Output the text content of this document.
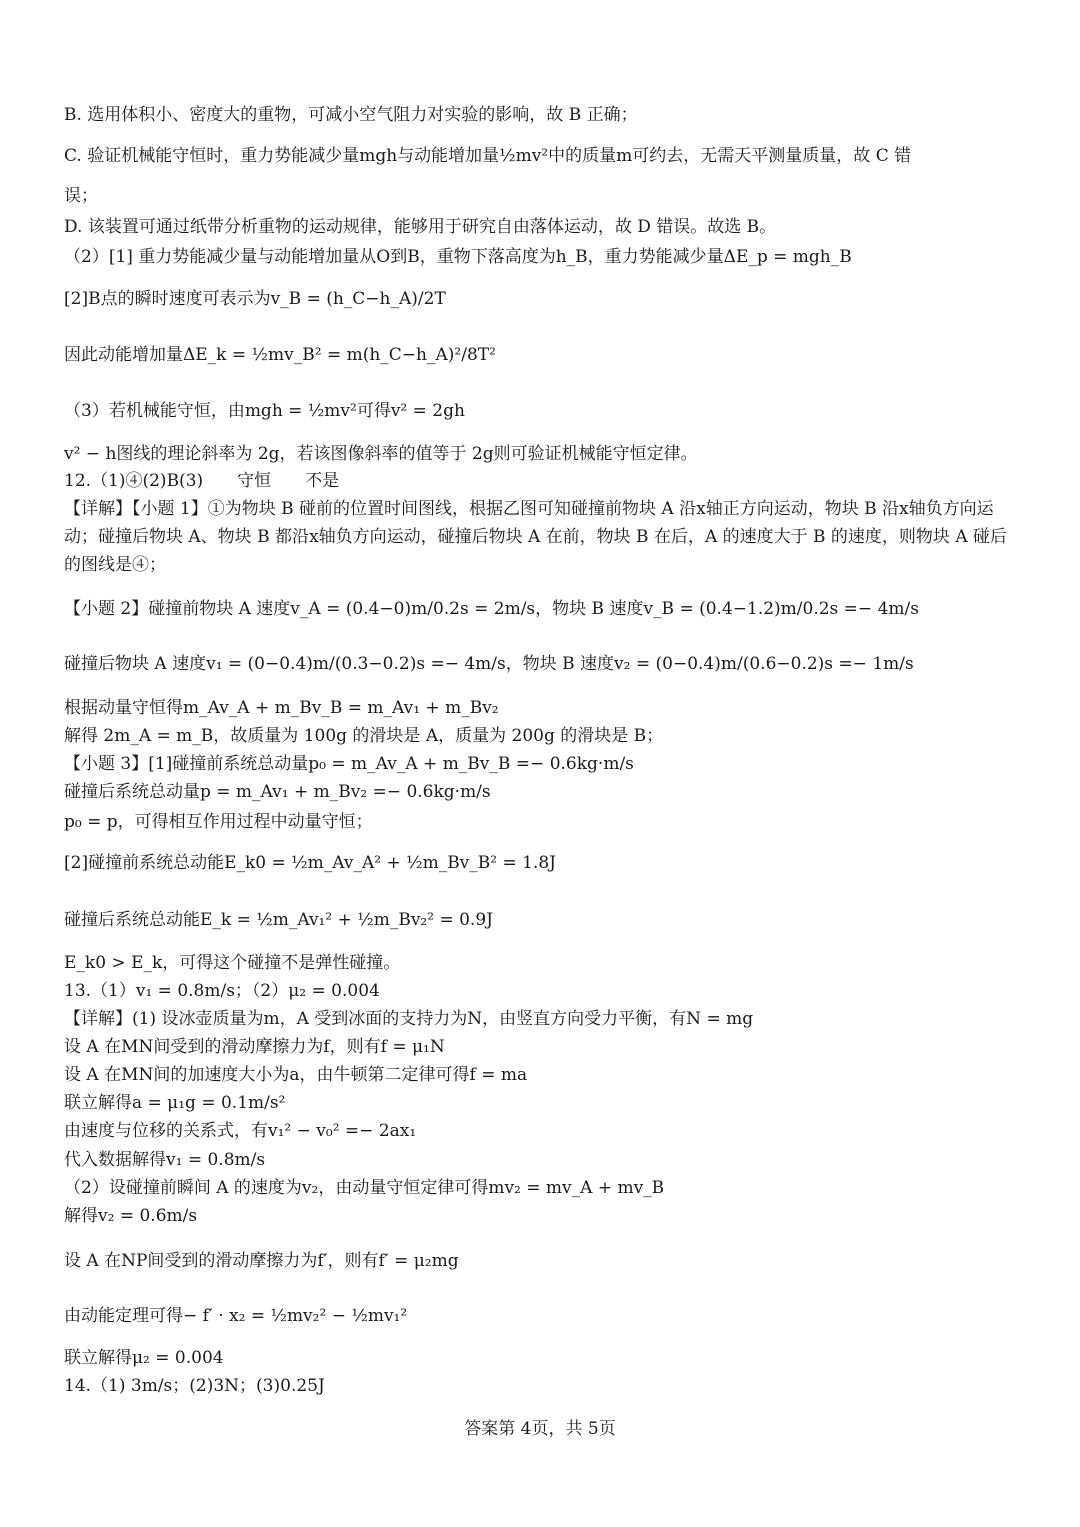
B. 选用体积小、密度大的重物，可减小空气阻力对实验的影响，故 B 正确；
C. 验证机械能守恒时，重力势能减少量mgh与动能增加量½mv²中的质量m可约去，无需天平测量质量，故 C 错
误；
D. 该装置可通过纸带分析重物的运动规律，能够用于研究自由落体运动，故 D 错误。故选 B。
（2）[1] 重力势能减少量与动能增加量从O到B，重物下落高度为h_B，重力势能减少量ΔE_p = mgh_B
[2]B点的瞬时速度可表示为v_B = (h_C−h_A)/2T
因此动能增加量ΔE_k = ½mv_B² = m(h_C−h_A)²/8T²
（3）若机械能守恒，由mgh = ½mv²可得v² = 2gh
v² − h图线的理论斜率为 2g，若该图像斜率的值等于 2g则可验证机械能守恒定律。
12.（1)④(2)B(3)　　守恒　　不是
【详解】【小题 1】①为物块 B 碰前的位置时间图线，根据乙图可知碰撞前物块 A 沿x轴正方向运动，物块 B 沿x轴负方向运动；碰撞后物块 A、物块 B 都沿x轴负方向运动，碰撞后物块 A 在前，物块 B 在后，A 的速度大于 B 的速度，则物块 A 碰后的图线是④；
【小题 2】碰撞前物块 A 速度v_A = (0.4−0)m/0.2s = 2m/s，物块 B 速度v_B = (0.4−1.2)m/0.2s =− 4m/s
碰撞后物块 A 速度v₁ = (0−0.4)m/(0.3−0.2)s =− 4m/s，物块 B 速度v₂ = (0−0.4)m/(0.6−0.2)s =− 1m/s
根据动量守恒得m_Av_A + m_Bv_B = m_Av₁ + m_Bv₂
解得 2m_A = m_B，故质量为 100g 的滑块是 A，质量为 200g 的滑块是 B；
【小题 3】[1]碰撞前系统总动量p₀ = m_Av_A + m_Bv_B =− 0.6kg·m/s
碰撞后系统总动量p = m_Av₁ + m_Bv₂ =− 0.6kg·m/s
p₀ = p，可得相互作用过程中动量守恒；
[2]碰撞前系统总动能E_k0 = ½m_Av_A² + ½m_Bv_B² = 1.8J
碰撞后系统总动能E_k = ½m_Av₁² + ½m_Bv₂² = 0.9J
E_k0 > E_k，可得这个碰撞不是弹性碰撞。
13.（1）v₁ = 0.8m/s；（2）μ₂ = 0.004
【详解】(1) 设冰壶质量为m，A 受到冰面的支持力为N，由竖直方向受力平衡，有N = mg
设 A 在MN间受到的滑动摩擦力为f，则有f = μ₁N
设 A 在MN间的加速度大小为a，由牛顿第二定律可得f = ma
联立解得a = μ₁g = 0.1m/s²
由速度与位移的关系式，有v₁² − v₀² =− 2ax₁
代入数据解得v₁ = 0.8m/s
（2）设碰撞前瞬间 A 的速度为v₂，由动量守恒定律可得mv₂ = mv_A + mv_B
解得v₂ = 0.6m/s
设 A 在NP间受到的滑动摩擦力为f′，则有f′ = μ₂mg
由动能定理可得− f′ · x₂ = ½mv₂² − ½mv₁²
联立解得μ₂ = 0.004
14.（1) 3m/s；(2)3N；(3)0.25J
答案第 4页，共 5页
